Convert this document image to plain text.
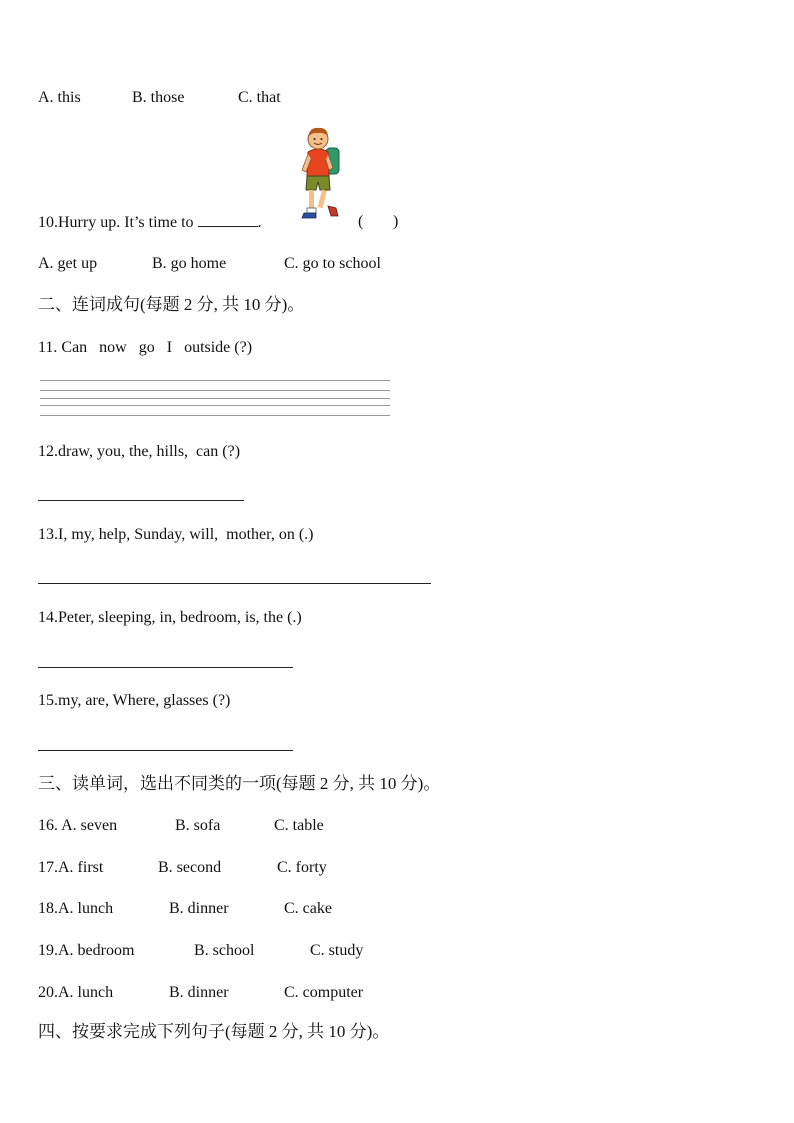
A. this	B. those	C. that
10.Hurry up. It’s time to	.	( )
A. get up	B. go home	C. go to school
二、连词成句(每题 2 分, 共 10 分)。
11. Can   now   go   I   outside (?)
12.draw, you, the, hills,  can (?)
13.I, my, help, Sunday, will,  mother, on (.)
14.Peter, sleeping, in, bedroom, is, the (.)
15.my, are, Where, glasses (?)
三、读单词，选出不同类的一项(每题 2 分, 共 10 分)。
16. A. seven	B. sofa	C. table
17.A. first	B. second	C. forty
18.A. lunch	B. dinner	C. cake
19.A. bedroom	B. school	C. study
20.A. lunch	B. dinner	C. computer
四、按要求完成下列句子(每题 2 分, 共 10 分)。
